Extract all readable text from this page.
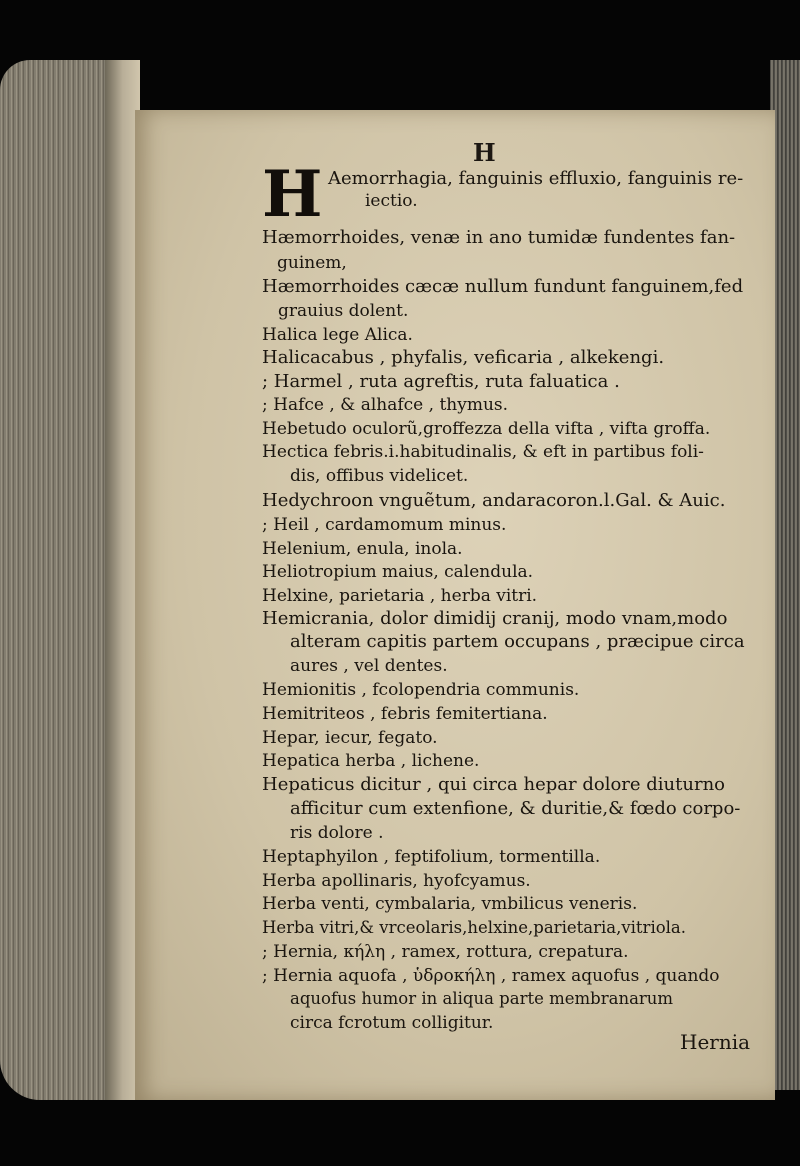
H
H Aemorrhagia, fanguinis effluxio, fanguinis re-
iectio.
Hæmorrhoides, venæ in ano tumidæ fundentes fan-
guinem,
Hæmorrhoides cæcæ nullum fundunt fanguinem,fed
grauius dolent.
Halica lege Alica.
Halicacabus , phyfalis, veficaria , alkekengi.
; Harmel , ruta agreftis, ruta faluatica .
; Hafce , & alhafce , thymus.
Hebetudo oculorũ,groffezza della vifta , vifta groffa.
Hectica febris.i.habitudinalis, & eft in partibus foli-
dis, offibus videlicet.
Hedychroon vnguẽtum, andaracoron.l.Gal. & Auic.
; Heil , cardamomum minus.
Helenium, enula, inola.
Heliotropium maius, calendula.
Helxine, parietaria , herba vitri.
Hemicrania, dolor dimidij cranij, modo vnam,modo
alteram capitis partem occupans , præcipue circa
aures , vel dentes.
Hemionitis , fcolopendria communis.
Hemitriteos , febris femitertiana.
Hepar, iecur, fegato.
Hepatica herba , lichene.
Hepaticus dicitur , qui circa hepar dolore diuturno
afficitur cum extenfione, & duritie,& fœdo corpo-
ris dolore .
Heptaphyilon , feptifolium, tormentilla.
Herba apollinaris, hyofcyamus.
Herba venti, cymbalaria, vmbilicus veneris.
Herba vitri,& vrceolaris,helxine,parietaria,vitriola.
; Hernia, κήλη , ramex, rottura, crepatura.
; Hernia aquofa , ὑδροκήλη , ramex aquofus , quando
aquofus humor in aliqua parte membranarum
circa fcrotum colligitur.
Hernia
